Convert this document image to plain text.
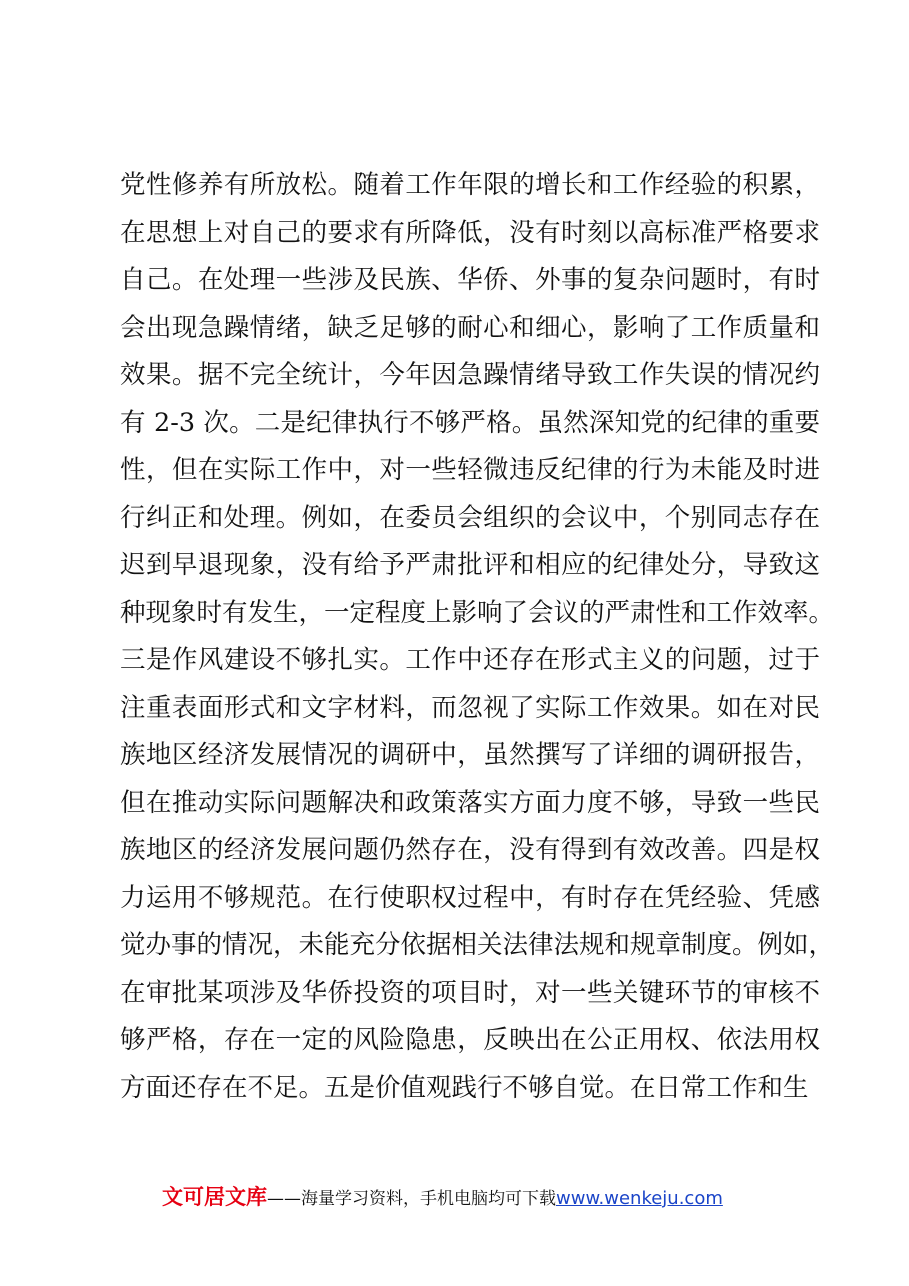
党性修养有所放松。随着工作年限的增长和工作经验的积累，
在思想上对自己的要求有所降低，没有时刻以高标准严格要求
自己。在处理一些涉及民族、华侨、外事的复杂问题时，有时
会出现急躁情绪，缺乏足够的耐心和细心，影响了工作质量和
效果。据不完全统计，今年因急躁情绪导致工作失误的情况约
有 2-3 次。二是纪律执行不够严格。虽然深知党的纪律的重要
性，但在实际工作中，对一些轻微违反纪律的行为未能及时进
行纠正和处理。例如，在委员会组织的会议中，个别同志存在
迟到早退现象，没有给予严肃批评和相应的纪律处分，导致这
种现象时有发生，一定程度上影响了会议的严肃性和工作效率。
三是作风建设不够扎实。工作中还存在形式主义的问题，过于
注重表面形式和文字材料，而忽视了实际工作效果。如在对民
族地区经济发展情况的调研中，虽然撰写了详细的调研报告，
但在推动实际问题解决和政策落实方面力度不够，导致一些民
族地区的经济发展问题仍然存在，没有得到有效改善。四是权
力运用不够规范。在行使职权过程中，有时存在凭经验、凭感
觉办事的情况，未能充分依据相关法律法规和规章制度。例如，
在审批某项涉及华侨投资的项目时，对一些关键环节的审核不
够严格，存在一定的风险隐患，反映出在公正用权、依法用权
方面还存在不足。五是价值观践行不够自觉。在日常工作和生
文可居文库——海量学习资料，手机电脑均可下载www.wenkeju.com
